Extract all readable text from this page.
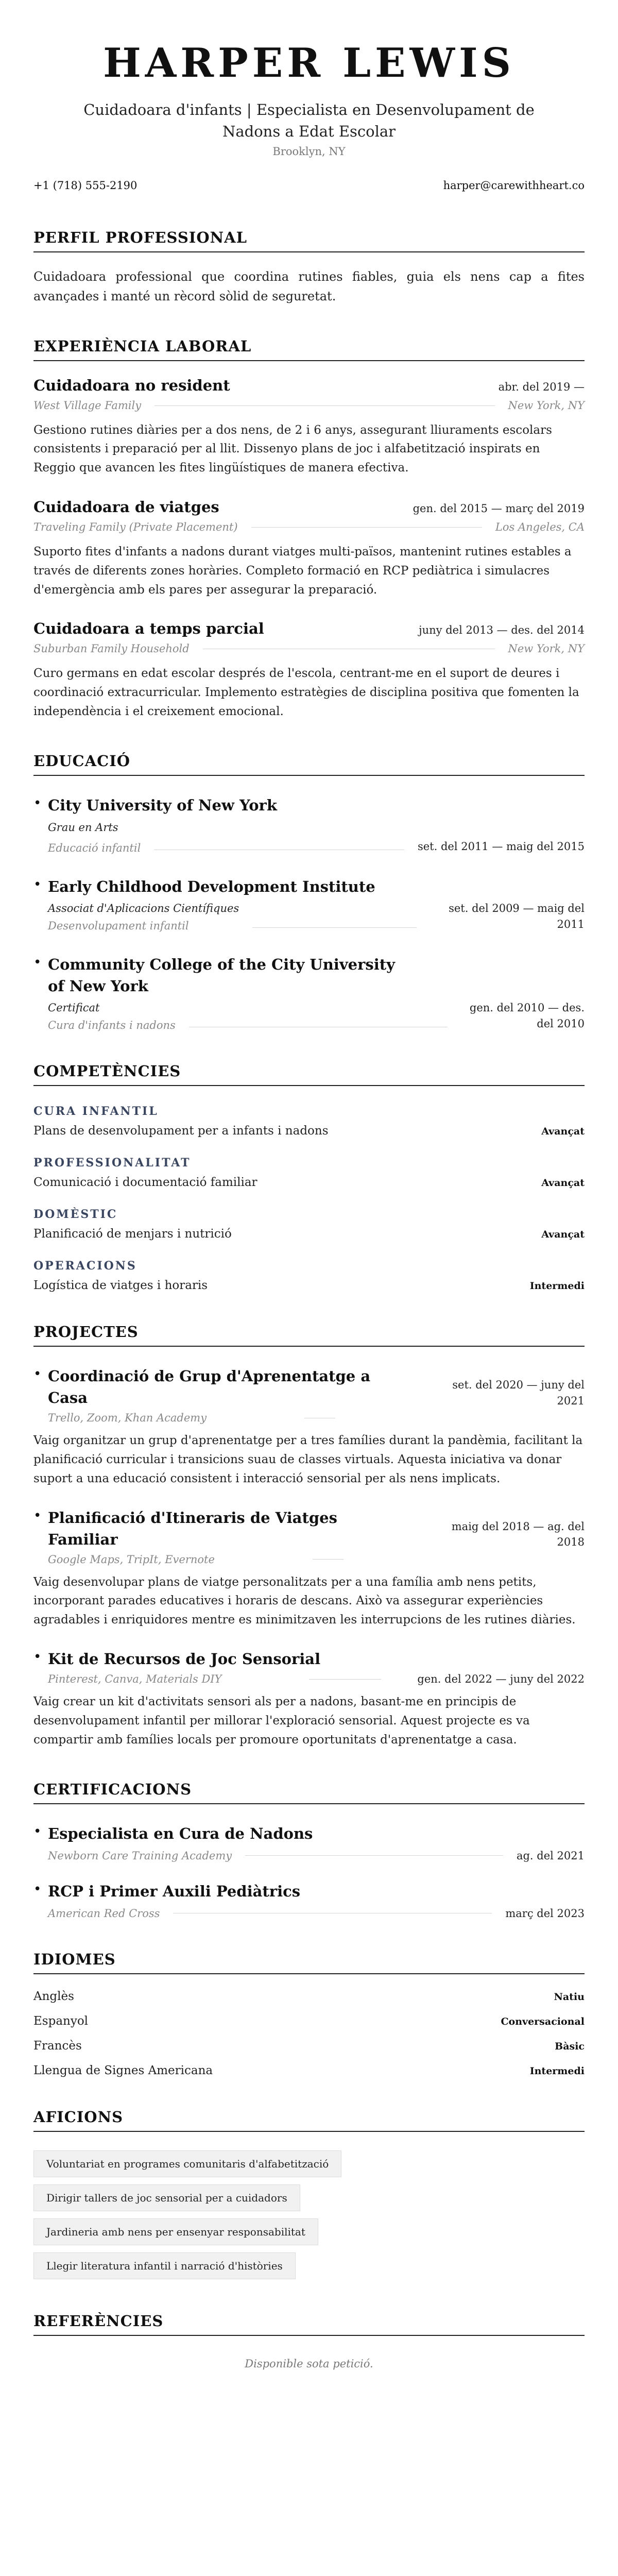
HARPER LEWIS
Cuidadoara d'infants | Especialista en Desenvolupament de Nadons a Edat Escolar
Brooklyn, NY
+1 (718) 555-2190	harper@carewithheart.co
PERFIL PROFESSIONAL
Cuidadoara professional que coordina rutines fiables, guia els nens cap a fites avançades i manté un rècord sòlid de seguretat.
EXPERIÈNCIA LABORAL
Cuidadoara no resident	abr. del 2019 —
West Village Family	New York, NY
Gestiono rutines diàries per a dos nens, de 2 i 6 anys, assegurant lliuraments escolars consistents i preparació per al llit. Dissenyo plans de joc i alfabetització inspirats en Reggio que avancen les fites lingüístiques de manera efectiva.
Cuidadoara de viatges	gen. del 2015 — març del 2019
Traveling Family (Private Placement)	Los Angeles, CA
Suporto fites d'infants a nadons durant viatges multi-països, mantenint rutines estables a través de diferents zones horàries. Completo formació en RCP pediàtrica i simulacres d'emergència amb els pares per assegurar la preparació.
Cuidadoara a temps parcial	juny del 2013 — des. del 2014
Suburban Family Household	New York, NY
Curo germans en edat escolar després de l'escola, centrant-me en el suport de deures i coordinació extracurricular. Implemento estratègies de disciplina positiva que fomenten la independència i el creixement emocional.
EDUCACIÓ
• City University of New York
Grau en Arts
Educació infantil	set. del 2011 — maig del 2015
• Early Childhood Development Institute
Associat d'Aplicacions Científiques
Desenvolupament infantil
set. del 2009 — maig del 2011
• Community College of the City University of New York
Certificat
Cura d'infants i nadons
gen. del 2010 — des. del 2010
COMPETÈNCIES
CURA INFANTIL
Plans de desenvolupament per a infants i nadons	Avançat
PROFESSIONALITAT
Comunicació i documentació familiar	Avançat
DOMÈSTIC
Planificació de menjars i nutrició	Avançat
OPERACIONS
Logística de viatges i horaris	Intermedi
PROJECTES
• Coordinació de Grup d'Aprenentatge a Casa
set. del 2020 — juny del 2021
Trello, Zoom, Khan Academy
Vaig organitzar un grup d'aprenentatge per a tres famílies durant la pandèmia, facilitant la planificació curricular i transicions suau de classes virtuals. Aquesta iniciativa va donar suport a una educació consistent i interacció sensorial per als nens implicats.
• Planificació d'Itineraris de Viatges Familiar
maig del 2018 — ag. del 2018
Google Maps, TripIt, Evernote
Vaig desenvolupar plans de viatge personalitzats per a una família amb nens petits, incorporant parades educatives i horaris de descans. Això va assegurar experiències agradables i enriquidores mentre es minimitzaven les interrupcions de les rutines diàries.
• Kit de Recursos de Joc Sensorial
Pinterest, Canva, Materials DIY	gen. del 2022 — juny del 2022
Vaig crear un kit d'activitats sensori als per a nadons, basant-me en principis de desenvolupament infantil per millorar l'exploració sensorial. Aquest projecte es va compartir amb famílies locals per promoure oportunitats d'aprenentatge a casa.
CERTIFICACIONS
• Especialista en Cura de Nadons
Newborn Care Training Academy	ag. del 2021
• RCP i Primer Auxili Pediàtrics
American Red Cross	març del 2023
IDIOMES
Anglès	Natiu
Espanyol	Conversacional
Francès	Bàsic
Llengua de Signes Americana	Intermedi
AFICIONS
Voluntariat en programes comunitaris d'alfabetització
Dirigir tallers de joc sensorial per a cuidadors
Jardineria amb nens per ensenyar responsabilitat
Llegir literatura infantil i narració d'històries
REFERÈNCIES
Disponible sota petició.
